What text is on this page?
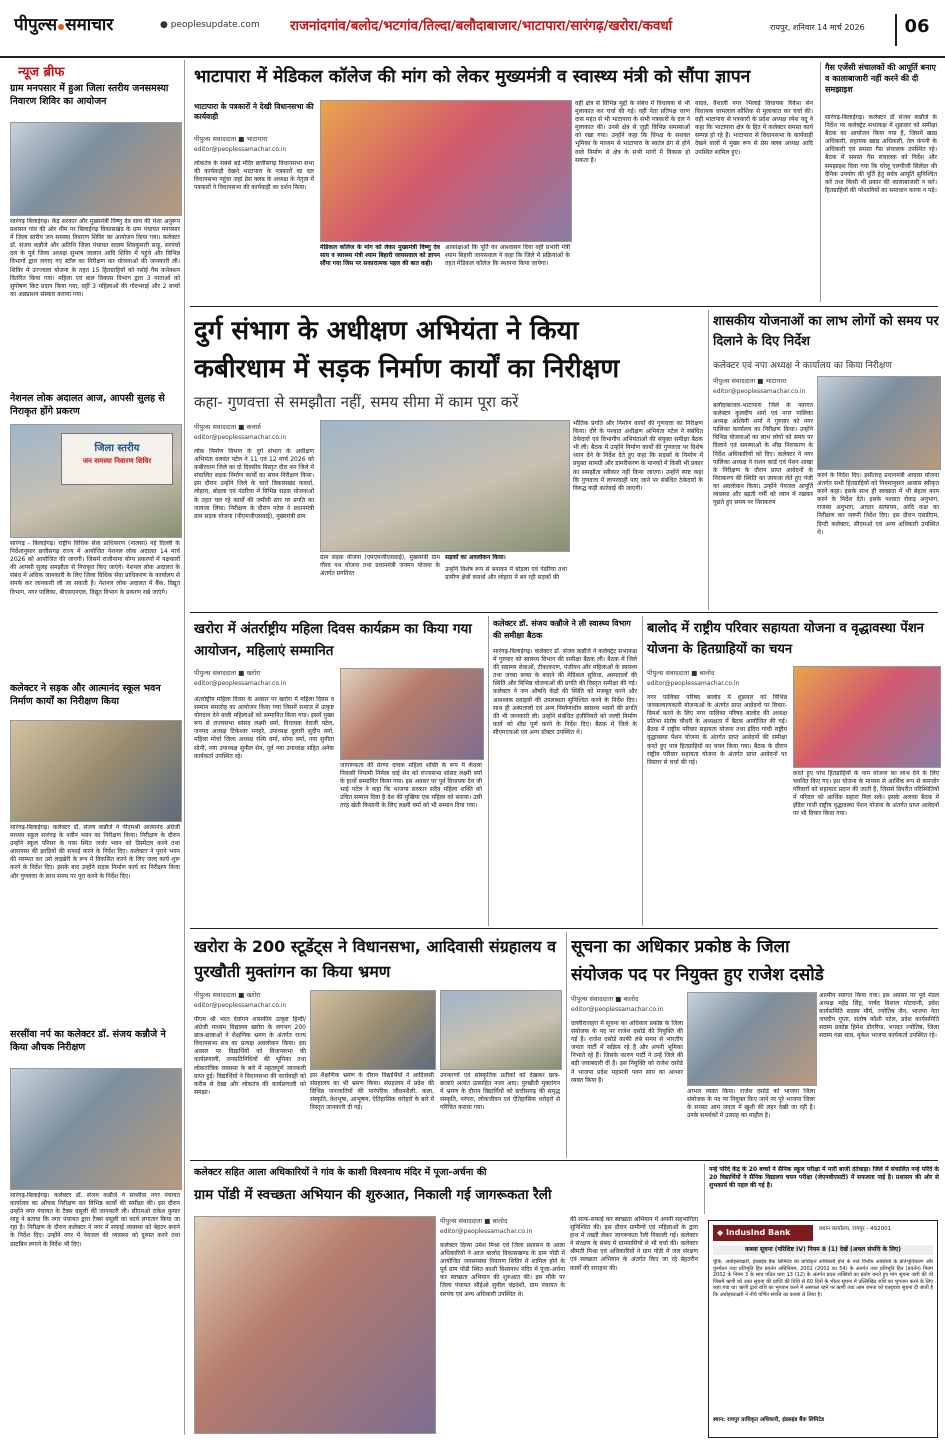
पीपुल्स समाचार	● peoplesupdate.com	राजनांदगांव/बलोद/भटगांव/तिल्दा/बलौदाबाजार/भाटापारा/सारंगढ़/खरोरा/कवर्धा	रायपुर, शनिवार 14 मार्च 2026	06
न्यूज ब्रीफ
ग्राम मनपसार में हुआ जिला स्तरीय जनसमस्या निवारण शिविर का आयोजन
सारंगढ़ बिलाईगढ़। केंद्र सरकार और मुख्यमंत्री विष्णु देव साय की मंशा अनुरूप प्रशासन गांव की ओर थीम पर बिलाईगढ़ विकासखंड के ग्राम पंचायत मनपसार में जिला स्तरीय जन समस्या निवारण शिविर का आयोजन किया गया। कलेक्टर डॉ. संजय कन्नौजे और अतिथि जिला पंचायत सदस्य शिवकुमारी साहू, सरपंचों दल के पूर्व जिला अध्यक्ष सुभाष जालान आदि शिविर में पहुंचे और विभिन्न विभागों द्वारा लगाए गए स्टॉल का निरीक्षण कर योजनाओं की जानकारी ली। शिविर में उज्ज्वला योजना के तहत 15 हितग्राहियों को रसोई गैस कनेक्शन वितरित किया गया। महिला एवं बाल विकास विभाग द्वारा 3 माताओं को सुपोषण किट प्रदान किया गया, वहीं 3 महिलाओं की गोदभराई और 2 बच्चों का अन्नप्राशन संस्कार कराया गया।
नेशनल लोक अदालत आज, आपसी सुलह से निराकृत होंगे प्रकरण
जिला स्तरीय
जन समस्या निवारण शिविर
सारंगढ़ - बिलाईगढ़। राष्ट्रीय विधिक सेवा प्राधिकरण (नालसा) नई दिल्ली के निर्देशानुसार छत्तीसगढ़ राज्य में आयोजित नेशनल लोक अदालत 14 मार्च 2026 को आयोजित की जाएगी। जिसमें राजीनामा योग्य प्रकरणों में पक्षकारों की आपसी सुलह समझौता से निराकृत किए जाएंगे। नेशनल लोक अदालत के संबंध में अधिक जानकारी के लिए जिला विधिक सेवा प्राधिकरण के कार्यालय से संपर्क कर जानकारी ली जा सकती है। नेशनल लोक अदालत में बैंक, विद्युत विभाग, नगर पालिका, बीएसएनएल, विद्युत विभाग के प्रकरण रखे जाएंगे।
कलेक्टर ने सड़क और आत्मानंद स्कूल भवन निर्माण कार्यों का निरीक्षण किया
सारंगढ़-बिलाईगढ़। कलेक्टर डॉ. संजय कन्नौजे ने पीएमश्री आत्मानंद अंग्रेजी माध्यम स्कूल सारंगढ़ के नवीन भवन का निरीक्षण किया। निरीक्षण के दौरान उन्होंने स्कूल परिसर के पास स्थित जर्जर भवन को डिस्मेंटल करने तथा आसपास की झाड़ियों की सफाई करने के निर्देश दिए। कलेक्टर ने पुराने भवन की मरम्मत कर उसे लाइब्रेरी के रूप में विकसित करने के लिए जल्द कार्य शुरू करने के निर्देश दिए। इसके बाद उन्होंने सड़क निर्माण कार्य का निरीक्षण किया और गुणवत्ता के साथ समय पर पूरा करने के निर्देश दिए।
सरसींवा नर्प का कलेक्टर डॉ. संजय कन्नौजे ने किया औचक निरीक्षण
सारंगढ़-बिलाईगढ़। कलेक्टर डॉ. संजय कन्नौजे ने सरसींवा नगर पंचायत कार्यालय का औचक निरीक्षण कर विभिन्न कार्यों की समीक्षा की। इस दौरान उन्होंने नगर पंचायत के टैक्स वसूली की जानकारी ली। सीएमओ राकेश कुमार साहू ने बताया कि नगर पंचायत द्वारा टैक्स वसूली का कार्य लगातार किया जा रहा है। निरीक्षण के दौरान कलेक्टर ने नगर में सफाई व्यवस्था को बेहतर बनाने के निर्देश दिए। उन्होंने नगर में पेयजल की व्यवस्था को दुरुस्त करने तथा डस्टबिन लगाने के निर्देश भी दिए।
भाटापारा में मेडिकल कॉलेज की मांग को लेकर मुख्यमंत्री व स्वास्थ्य मंत्री को सौंपा ज्ञापन
भाटापारा के पत्रकारों ने देखी विधानसभा की कार्यवाही
पीपुल्स संवाददाता ■ भाटापारा
editor@peoplessamachar.co.in
लोकतंत्र के सबसे बड़े मंदिर छत्तीसगढ़ विधानसभा सभा की कार्यवाही देखने भाटापारा के पत्रकारों का दल विधानसभा पहुंचा जहां प्रेस क्लब के अध्यक्ष के नेतृत्व में पत्रकारों ने विधानसभा की कार्यवाही का दर्शन किया।
मेडिकल कॉलेज के मांग को लेकर मुख्यमंत्री विष्णु देव साय व स्वास्थ्य मंत्री श्याम बिहारी जायसवाल को ज्ञापन सौंपा गया जिस पर सकारात्मक पहल की बात कही।
आकांक्षाओं कि पूर्ति का आश्वासन दिया वहीं प्रभारी मंत्री श्याम बिहारी जायसवाल ने कहा कि जिले में प्रक्रियाओं के तहत मेडिकल कॉलेज कि स्थापना किया जायेगा।
वहीं क्षेत्र से विभिन्न मुद्दों के संबंध में विधायक से भी मुलाकात कर चर्चा की गई। वहीं नेता प्रतिपक्ष चरण दास महंत से भी भाटापारा के सभी पत्रकारों के दल ने मुलाकात की। उनसे क्षेत्र से जुड़ी विभिन्न समस्याओं को रखा गया। उन्होंने कहा कि विपक्ष के सशक्त भूमिका के माध्यम से भाटापारा के स्वतंत्र ढंग से होने वाले निर्माण से क्षेत्र के सभी मांगों में विकास हो सकता है।
यादव, वैशाली नगर भिलाई विधायक रिकेश सेन विधायक धरमलाल कौशिक से मुलाकात कर चर्चा की। वहीं भाटापारा से पत्रकारों के प्रदेश अध्यक्ष रमेश यदु ने कहा कि भाटापारा क्षेत्र के हित में कलेक्टर समस्त कार्य सम्पन्न हो रहे हैं। भाटापारा से विधानसभा के कार्यवाही देखने वालों में मुख्य रूप से प्रेस क्लब अध्यक्ष आदि उपस्थित शामिल हुए।
गैस एजेंसी संचालकों की आपूर्ति बनाए व कालाबाजारी नहीं करने की दी समझाइश
सारंगढ़-बिलाईगढ़। कलेक्टर डॉ संजय कन्नौजे के निर्देश पर कलेक्ट्रेट सभाकक्ष में शुक्रवार को समीक्षा बैठक का आयोजन किया गया है, जिसमें खाद्य अधिकारी, सहायक खाद्य अधिकारी, तेल कंपनी के अधिकारी एवं समस्त गैस संचालक उपस्थित रहे। बैठक में समस्त गैस संचालक को निर्देश और समझाइश दिया गया कि घरेलू एलपीजी सिलेंडर की दैनिक उपयोग की पूर्ति हेतु सर्वत्र आपूर्ति सुनिश्चित करें तथा किसी भी प्रकार की कालाबाजारी न करें। हितग्राहियों की परेशानियों का समाधान करना न पड़े।
दुर्ग संभाग के अधीक्षण अभियंता ने किया
कबीरधाम में सड़क निर्माण कार्यों का निरीक्षण
कहा- गुणवत्ता से समझौता नहीं, समय सीमा में काम पूरा करें
पीपुल्स संवाददाता ■ कवर्धा
editor@peoplessamachar.co.in
लोक निर्माण विभाग के दुर्ग संभाग के अधीक्षण अभियंता वलवंत पटेल ने 11 एवं 12 मार्च 2026 को कबीरधाम जिले का दो दिवसीय विस्तृत दौरा कर जिले में संचालित सड़क निर्माण कार्यों का सघन निरीक्षण किया। इस दौरान उन्होंने जिले के चारों विकासखंड कवर्धा, लोहारा, बोड़ला एवं पंडरिया में विभिन्न सड़क योजनाओं के तहत चल रहे कार्यों की जमीनी स्तर पर प्रगति का जायजा लिया। निरीक्षण के दौरान पटेल ने प्रधानमंत्री ग्राम सड़क योजना (पीएमजीएसवाई), मुख्यमंत्री ग्राम
ग्राम सड़क योजना (एमएमजीएसवाई), मुख्यमंत्री ग्राम गौरव पथ योजना तथा प्रधानमंत्री जनमन योजना के अंतर्गत प्रगतिरत
सड़कों का अवलोकन किया।
उन्होंने विशेष रूप से बनाकर में बोड़ला एवं पंडरिया तथा ग्रामीण क्षेत्रों कवर्धा और लोहारा में बन रही सड़कों की
भौतिक प्रगति और निर्माण कार्यों की गुणवत्ता का निरीक्षण किया। दौरे के पश्चात अधीक्षण अभियंता पटेल ने संबंधित ठेकेदारों एवं विभागीय अभियंताओं की संयुक्त समीक्षा बैठक भी ली। बैठक में उन्होंने निर्माण कार्यों की गुणवत्ता पर विशेष ध्यान देने के निर्देश देते हुए कहा कि सड़कों के निर्माण में प्रयुक्त सामग्री और डामरीकरण के मानकों में किसी भी प्रकार का समझौता स्वीकार नहीं किया जाएगा। उन्होंने स्पष्ट कहा कि गुणवत्ता में लापरवाही पाए जाने पर संबंधित ठेकेदारों के विरुद्ध कड़ी कार्रवाई की जाएगी।
शासकीय योजनाओं का लाभ लोगों को समय पर दिलाने के दिए निर्देश
कलेक्टर एवं नपा अध्यक्ष ने कार्यालय का किया निरीक्षण
पीपुल्स संवाददाता ■ भाटापारा
editor@peoplessamachar.co.in
बलौदाबाजार-भाटापारा जिले के नवागत कलेक्टर कुलदीप शर्मा एवं नगर पालिका अध्यक्ष अश्विनी शर्मा ने गुरुवार को नगर पालिका कार्यालय का निरीक्षण किया। उन्होंने विभिन्न योजनाओं का लाभ लोगों को समय पर दिलाने एवं समस्याओं के शीघ्र निराकरण के निर्देश अधिकारियों को दिए। कलेक्टर ने नगर पालिका अध्यक्ष ने राशन कार्ड एवं पेंशन शाखा के निरीक्षण के दौरान प्राप्त आवेदनों के निराकरण की स्थिति का जायजा लेते हुए पंजी का अवलोकन किया। उन्होंने पेयजल आपूर्ति व्यवस्था और बढ़ती गर्मी को ध्यान में रखकर पूछते हुए समय पर निराकरण
करने के निर्देश दिए। इसीतरह प्रधानमंत्री आवास योजना अंतर्गत सभी हितग्राहियों को नियमानुसार आवास स्वीकृत करने कहा। इसके साथ ही स्वच्छता में भी बेहतर काम करने के निर्देश देते। इसके पश्चात रोकड़ अनुभाग, राजस्व अनुभाग, आधार सत्यापन, आदि कक्ष का निरीक्षण कर जरूरी निर्देश दिए। इस दौरान एसडीएम, डिप्टी कलेक्टर, सीएमओ एवं अन्य अधिकारी उपस्थित थे।
खरोरा में अंतर्राष्ट्रीय महिला दिवस कार्यक्रम का किया गया आयोजन, महिलाएं सम्मानित
पीपुल्स संवाददाता ■ खरोरा
editor@peoplessamachar.co.in
अंतर्राष्ट्रीय महिला दिवस के अवसर पर खरोरा में महिला दिवस व सम्मान समारोह का आयोजन किया गया जिसमें समाज में उत्कृष्ट योगदान देने वाली महिलाओं को सम्मानित किया गया। इसमें मुख्य रूप से राज्यसभा सांसद लक्ष्मी वर्मा, विधायक देवजी पटेल, जनपद अध्यक्ष टिकेश्वर मनहरे, उपाध्यक्ष दुलारी सुदीप वर्मा, महिला मोर्चा जिला अध्यक्ष रश्मि वर्मा, सोना वर्मा, नया सुनीता सोनी, नया उपाध्यक्ष सुनील सेन, पूर्व नया उपाध्यक्ष सहित अनेक कार्यकर्ता उपस्थित रहे।
जागरूकता की प्रेरणा दायक महिला शक्ति के रूप में केवला निवासी नियामी निर्मला वाई सेन को राज्यसभा सांसद लक्ष्मी वर्मा के हाथों सम्मानित किया गया। इस अवसर पर पूर्व विधायक देव जी भाई पटेल ने कहा कि भाजपा सरकार सदैव महिला शक्ति को उचित सम्मान दिया है देश की मुखिया एक महिला को बनाया। उसी तरह खेती किसानी के लिए लक्ष्मी वर्मा को भी सम्मान दिया गया।
कलेक्टर डॉ. संजय कन्नौजे ने ली स्वास्थ्य विभाग की समीक्षा बैठक
सारंगढ़-बिलाईगढ़। कलेक्टर डॉ. संजय कन्नौजे ने कलेक्ट्रेट सभाकक्ष में गुरुवार को स्वास्थ्य विभाग की समीक्षा बैठक ली। बैठक में जिले की स्वास्थ्य सेवाओं, टीकाकरण, पंजीयन और महिलाओं के स्वास्थ्य तथा जच्चा बच्चा के बचाने की मेडिकल सुविधा, अस्पतालों की स्थिति और विभिन्न योजनाओं की प्रगति की विस्तृत समीक्षा की गई। कलेक्टर ने जन औषधि केंद्रों की स्थिति को मजबूत करने और आवश्यक दवाइयों की उपलब्धता सुनिश्चित करने के निर्देश दिए। साथ ही अस्पतालों एवं अन्य निर्माणाधीन स्वास्थ्य भवनों की प्रगति की भी जानकारी ली। उन्होंने संबंधित इंजीनियरों को जल्दी निर्माण कार्य को शीघ्र पूर्ण करने के निर्देश दिए। बैठक में जिले के सीएमएचओ एवं अन्य डॉक्टर उपस्थित थे।
बालोद में राष्ट्रीय परिवार सहायता योजना व वृद्धावस्था पेंशन योजना के हितग्राहियों का चयन
पीपुल्स संवाददाता ■ बालोद
editor@peoplessamachar.co.in
नगर पालिका परिषद बालोद में शुक्रवार को विभिन्न जनकल्याणकारी योजनाओं के अंतर्गत प्राप्त आवेदनों पर विचार-विमर्श करने के लिए नगर पालिका परिषद बालोद की अध्यक्ष प्रतिभा संतोष चौधरी के अध्यक्षता में बैठक आयोजित की गई। बैठक में राष्ट्रीय परिवार सहायता योजना तथा इंदिरा गांधी राष्ट्रीय वृद्धावस्था पेंशन योजना के अंतर्गत प्राप्त आवेदनों की समीक्षा करते हुए पात्र हितग्राहियों का चयन किया गया। बैठक के दौरान राष्ट्रीय परिवार सहायता योजना के अंतर्गत प्राप्त आवेदनों पर विस्तार से चर्चा की गई।
करते हुए पांच हितग्राहियों के नाम योजना का लाभ देने के लिए चयनित किए गए। इस योजना के माध्यम से आर्थिक रूप से कमजोर परिवारों को सहायता प्रदान की जाती है, जिससे विपरीत परिस्थितियों में परिवार को आर्थिक सहारा मिल सके। इसके अलावा बैठक में इंदिरा गांधी राष्ट्रीय वृद्धावस्था पेंशन योजना के अंतर्गत प्राप्त आवेदनों पर भी विचार किया गया।
खरोरा के 200 स्टूडेंट्स ने विधानसभा, आदिवासी संग्रहालय व पुरखौती मुक्तांगन का किया भ्रमण
पीपुल्स संवाददाता ■ खरोरा
editor@peoplessamachar.co.in
पीएम श्री भरत देवांगन शासकीय उत्कृष्ट हिन्दी/अंग्रेजी माध्यम विद्यालय खरोरा के लगभग 200 छात्र-छात्राओं ने शैक्षणिक भ्रमण के अंतर्गत राज्य विधानसभा सत्र का प्रत्यक्ष अवलोकन किया। इस अवसर पर विद्यार्थियों को विधानसभा की कार्यप्रणाली, जनप्रतिनिधियों की भूमिका तथा लोकतांत्रिक व्यवस्था के बारे में महत्वपूर्ण जानकारी प्राप्त हुई। विद्यार्थियों ने विधानसभा की कार्यवाही को करीब से देखा और लोकतंत्र की कार्यप्रणाली को समझा।
इस शैक्षणिक भ्रमण के दौरान विद्यार्थियों ने आदिवासी संग्रहालय का भी भ्रमण किया। संग्रहालय में प्रदेश की विभिन्न जनजातियों की पारंपरिक जीवनशैली, कला, संस्कृति, वेशभूषा, आभूषण, ऐतिहासिक धरोहरों के बारे में विस्तृत जानकारी दी गई।
उपकरणों एवं सांस्कृतिक प्रतीकों को देखकर छात्र-छात्राएं अत्यंत उत्साहित नजर आए। पुरखौती मुक्तांगन में भ्रमण के दौरान विद्यार्थियों को छत्तीसगढ़ की समृद्ध संस्कृति, परंपरा, लोकजीवन एवं ऐतिहासिक धरोहरों से परिचित कराया गया।
सूचना का अधिकार प्रकोष्ठ के जिला
संयोजक पद पर नियुक्त हुए राजेश दसोडे
पीपुल्स संवाददाता ■ बालोद
editor@peoplessamachar.co.in
दल्लीराजहरा में सूचना का अधिकार प्रकोष्ठ के जिला संयोजक के पद पर राजेश दसोडे की नियुक्ति की गई है। राजेश दसोडे काफी लंबे समय से भारतीय जनता पार्टी में सक्रिय रहे हैं और अपनी भूमिका निभाते रहे हैं। जिसके कारण पार्टी ने उन्हें जिले की बड़ी जवाबदारी दी है। इस नियुक्ति को राजेश दसोडे ने भाजपा प्रदेश महामंत्री पवन साय का आभार व्यक्त किया है।
आभार व्यक्त किया। राजेश दसोडे को भाजपा जिला संयोजक के पद पर नियुक्त किए जाने पर पूरे भाजपा जिला के समस्त आम जनता में खुशी की लहर देखी जा रही है। उनके समर्थकों में उत्साह का माहौल है।
आत्मीय स्वागत किया गया। इस अवसर पर पूर्व मंडल अध्यक्ष महेंद्र सिंह, पार्षद विशाल मोटवानी, प्रदेश कार्यसमिति सदस्य मौर्य, ज्योतिष जैन, भाजपा नेता जयदीप गुप्ता, संतोष कौशी पटेल, प्रदेश कार्यसमिति सदस्य प्रकोष्ठ हिमेश डोंगरिया, भगवत ज्योतिष, जिला सदस्य गन्ना साव, मुकेश भाजपा कार्यकर्ता उपस्थित रहे।
कलेक्टर सहित आला अधिकारियों ने गांव के काशी विश्वनाथ मंदिर में पूजा-अर्चना की
ग्राम पोंडी में स्वच्छता अभियान की शुरुआत, निकाली गई जागरूकता रैली
पीपुल्स संवाददाता ■ बालोद
editor@peoplessamachar.co.in
कलेक्टर दिव्या उमेश मिश्रा एवं जिला प्रशासन के आला अधिकारियों ने आज बालोद विकासखण्ड के ग्राम पोंडी में आयोजित जनसमस्या निवारण शिविर में शामिल होने के पूर्व ग्राम पोंडी स्थित काशी विश्वनाथ मंदिर में पूजा-अर्चना कर स्वच्छता अभियान की शुरुआत की। इस मौके पर जिला पंचायत सीईओ सुनील चंद्रवंशी, ग्राम पंचायत के सरपंच एवं अन्य अधिकारी उपस्थित थे।
की साफ-सफाई कर स्वच्छता अभियान में अपनी सहभागिता सुनिश्चित की। इस दौरान ग्रामीणों एवं महिलाओं के द्वारा हाथ में तख्ती लेकर जागरूकता रैली निकाली गई। कलेक्टर ने संरक्षण के संबंध में ग्रामवासियों से भी चर्चा की। कलेक्टर श्रीमती मिश्रा एवं अधिकारियों ने ग्राम पोंडी में जल संरक्षण एवं स्वच्छता अभियान के अंतर्गत किए जा रहे बेहतरीन कार्यों की सराहना की।
नन्हे परिंदे केंद्र के 20 बच्चों ने सैनिक स्कूल परीक्षा में मारी बाजी दंतेवाड़ा। जिले में संचालित नन्हे परिंदे के 20 विद्यार्थियों ने सैनिक विद्यालय चयन परीक्षा (जेएनवीएसटी) में सफलता पाई है। प्रशासन की ओर से शुभकार्य की पहल की गई है।
◆ IndusInd Bank	प्रधान कार्यालय, रायपुर - 492001
कब्जा सूचना (परिशिष्ट IV) नियम 8 (1) देखें (अचल संपत्ति के लिए)
चूंकि, अधोहस्ताक्षरी, इंडसइंड बैंक लिमिटेड का प्राधिकृत अधिकारी होने के नाते वित्तीय आस्तियों के प्रतिभूतिकरण और पुनर्गठन तथा प्रतिभूति हित प्रवर्तन अधिनियम, 2002 (2002 का 54) के अंतर्गत तथा प्रतिभूति हित (प्रवर्तन) नियम 2002 के नियम 3 के साथ पठित धारा 13 (12) के अंतर्गत प्रदत्त शक्तियों का प्रयोग करते हुए मांग सूचना जारी की थी जिसमें ऋणी को उक्त सूचना की प्राप्ति की तिथि से 60 दिनों के भीतर सूचना में उल्लिखित राशि का भुगतान करने के लिए कहा गया था। ऋणी द्वारा राशि का भुगतान करने में असफल रहने पर ऋणी तथा आम जनता को एतद्द्वारा सूचना दी जाती है कि अधोहस्ताक्षरी ने नीचे वर्णित संपत्ति का कब्जा ले लिया है।
स्थान: रायपुर प्राधिकृत अधिकारी, इंडसइंड बैंक लिमिटेड
